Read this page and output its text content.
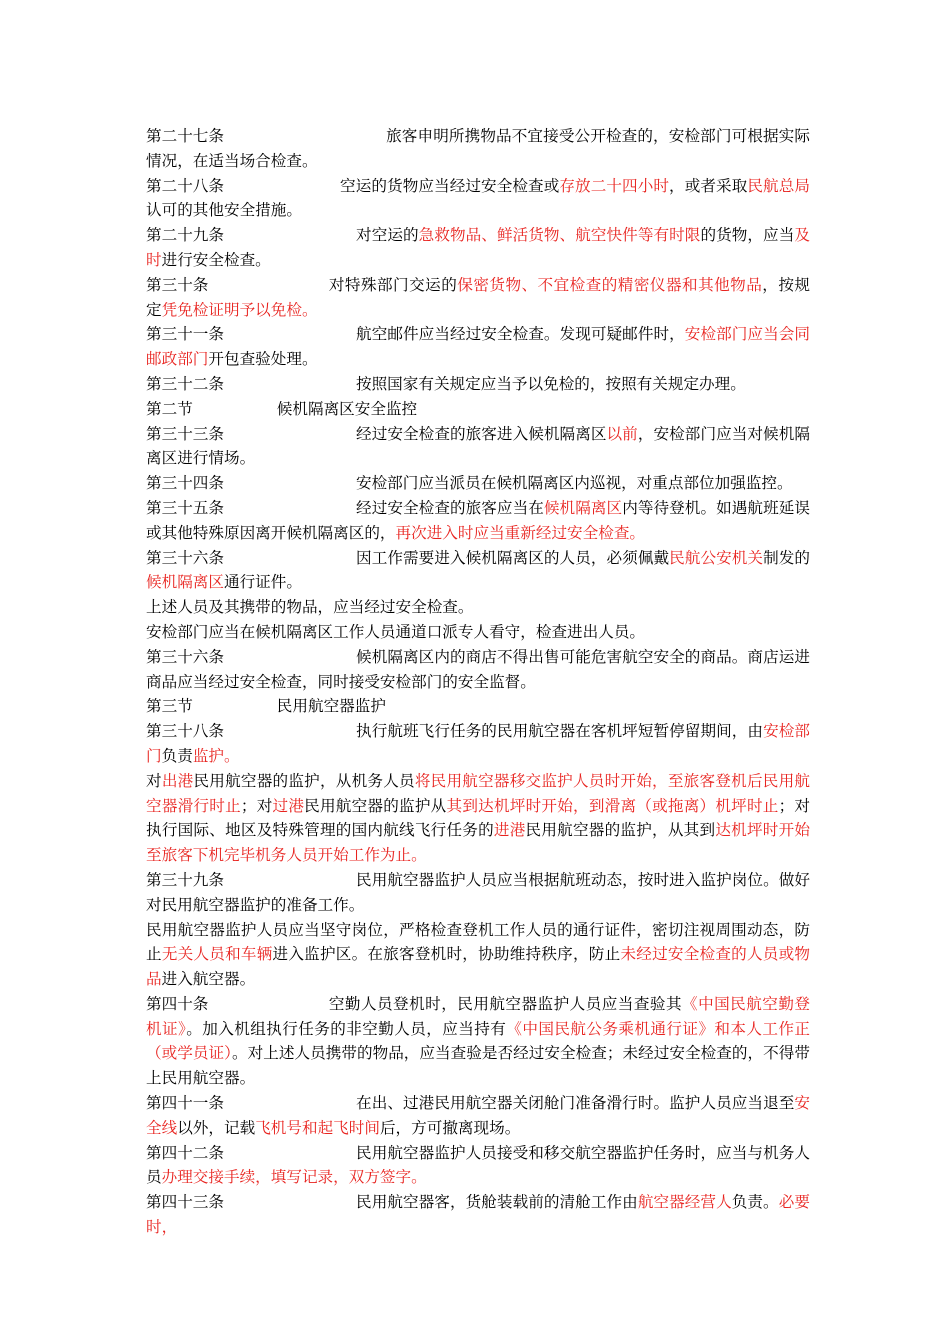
第二十七条	旅客申明所携物品不宜接受公开检查的，安检部门可根据实际情况，在适当场合检查。

第二十八条	空运的货物应当经过安全检查或存放二十四小时，或者采取民航总局认可的其他安全措施。

第二十九条	对空运的急救物品、鲜活货物、航空快件等有时限的货物，应当及时进行安全检查。

第三十条	对特殊部门交运的保密货物、不宜检查的精密仪器和其他物品，按规定凭免检证明予以免检。

第三十一条	航空邮件应当经过安全检查。发现可疑邮件时，安检部门应当会同邮政部门开包查验处理。

第三十二条	按照国家有关规定应当予以免检的，按照有关规定办理。

第二节	候机隔离区安全监控

第三十三条	经过安全检查的旅客进入候机隔离区以前，安检部门应当对候机隔离区进行情场。

第三十四条	安检部门应当派员在候机隔离区内巡视，对重点部位加强监控。

第三十五条	经过安全检查的旅客应当在候机隔离区内等待登机。如遇航班延误或其他特殊原因离开候机隔离区的，再次进入时应当重新经过安全检查。

第三十六条	因工作需要进入候机隔离区的人员，必须佩戴民航公安机关制发的候机隔离区通行证件。

上述人员及其携带的物品，应当经过安全检查。

安检部门应当在候机隔离区工作人员通道口派专人看守，检查进出人员。

第三十六条	候机隔离区内的商店不得出售可能危害航空安全的商品。商店运进商品应当经过安全检查，同时接受安检部门的安全监督。

第三节	民用航空器监护

第三十八条	执行航班飞行任务的民用航空器在客机坪短暂停留期间，由安检部门负责监护。

对出港民用航空器的监护，从机务人员将民用航空器移交监护人员时开始，至旅客登机后民用航空器滑行时止；对过港民用航空器的监护从其到达机坪时开始，到滑离（或拖离）机坪时止；对执行国际、地区及特殊管理的国内航线飞行任务的进港民用航空器的监护，从其到达机坪时开始至旅客下机完毕机务人员开始工作为止。

第三十九条	民用航空器监护人员应当根据航班动态，按时进入监护岗位。做好对民用航空器监护的准备工作。

民用航空器监护人员应当坚守岗位，严格检查登机工作人员的通行证件，密切注视周围动态，防止无关人员和车辆进入监护区。在旅客登机时，协助维持秩序，防止未经过安全检查的人员或物品进入航空器。

第四十条	空勤人员登机时，民用航空器监护人员应当查验其《中国民航空勤登机证》。加入机组执行任务的非空勤人员，应当持有《中国民航公务乘机通行证》和本人工作正（或学员证）。对上述人员携带的物品，应当查验是否经过安全检查；未经过安全检查的，不得带上民用航空器。

第四十一条	在出、过港民用航空器关闭舱门准备滑行时。监护人员应当退至安全线以外，记载飞机号和起飞时间后，方可撤离现场。

第四十二条	民用航空器监护人员接受和移交航空器监护任务时，应当与机务人员办理交接手续，填写记录，双方签字。

第四十三条	民用航空器客，货舱装载前的清舱工作由航空器经营人负责。必要时，
